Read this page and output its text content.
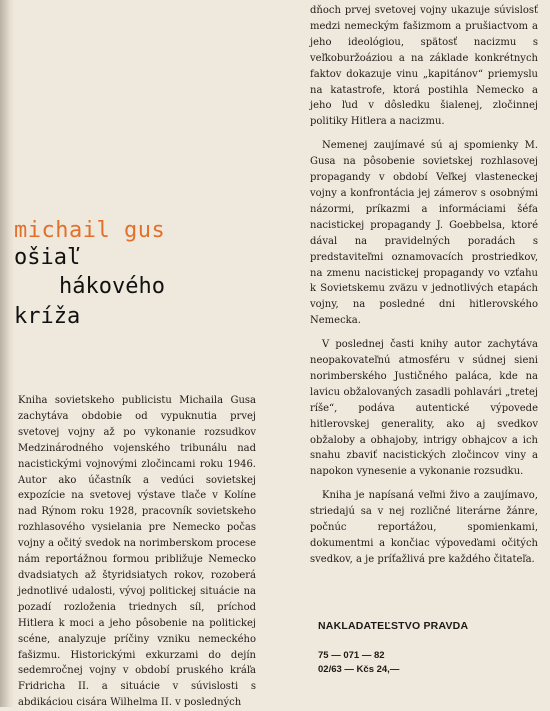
michail gus
ošiaľ
hákového
kríža
Kniha sovietskeho publicistu Michaila Gusa zachytáva obdobie od vypuknutia prvej svetovej vojny až po vykonanie rozsudkov Medzinárodného vojenského tribunálu nad nacistickými vojnovými zločincami roku 1946. Autor ako účastník a vedúci sovietskej expozície na svetovej výstave tlače v Kolíne nad Rýnom roku 1928, pracovník sovietskeho rozhlasového vysielania pre Nemecko počas vojny a očitý svedok na norimberskom procese nám reportážnou formou približuje Nemecko dvadsiatych až štyridsiatych rokov, rozoberá jednotlivé udalosti, vývoj politickej situácie na pozadí rozloženia triednych síl, príchod Hitlera k moci a jeho pôsobenie na politickej scéne, analyzuje príčiny vzniku nemeckého fašizmu. Historickými exkurzami do dejín sedemročnej vojny v období pruského kráľa Fridricha II. a situácie v súvislosti s abdikáciou cisára Wilhelma II. v posledných

dňoch prvej svetovej vojny ukazuje súvislosť medzi nemeckým fašizmom a prušiactvom a jeho ideológiou, spätosť nacizmu s veľkoburžoáziou a na základe konkrétnych faktov dokazuje vinu „kapitánov“ priemyslu na katastrofe, ktorá postihla Nemecko a jeho ľud v dôsledku šialenej, zločinnej politiky Hitlera a nacizmu.

Nemenej zaujímavé sú aj spomienky M. Gusa na pôsobenie sovietskej rozhlasovej propagandy v období Veľkej vlasteneckej vojny a konfrontácia jej zámerov s osobnými názormi, príkazmi a informáciami šéfa nacistickej propagandy J. Goebbelsa, ktoré dával na pravidelných poradách s predstaviteľmi oznamovacích prostriedkov, na zmenu nacistickej propagandy vo vzťahu k Sovietskemu zväzu v jednotlivých etapách vojny, na posledné dni hitlerovského Nemecka.

V poslednej časti knihy autor zachytáva neopakovateľnú atmosféru v súdnej sieni norimberského Justičného paláca, kde na lavicu obžalovaných zasadli pohlavári „tretej ríše“, podáva autentické výpovede hitlerovskej generality, ako aj svedkov obžaloby a obhajoby, intrigy obhajcov a ich snahu zbaviť nacistických zločincov viny a napokon vynesenie a vykonanie rozsudku.

Kniha je napísaná veľmi živo a zaujímavo, striedajú sa v nej rozličné literárne žánre, počnúc reportážou, spomienkami, dokumentmi a končiac výpoveďami očitých svedkov, a je príťažlivá pre každého čitateľa.

NAKLADATEĽSTVO PRAVDA
75 — 071 — 82
02/63 — Kčs 24,—
